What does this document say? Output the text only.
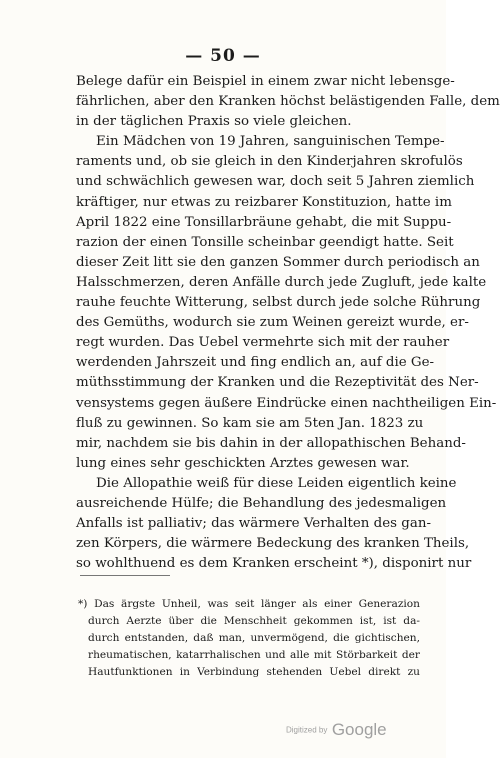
— 50 —
Belege dafür ein Beispiel in einem zwar nicht lebensge-
fährlichen, aber den Kranken höchst belästigenden Falle, dem
in der täglichen Praxis so viele gleichen.
Ein Mädchen von 19 Jahren, sanguinischen Tempe-
raments und, ob sie gleich in den Kinderjahren skrofulös
und schwächlich gewesen war, doch seit 5 Jahren ziemlich
kräftiger, nur etwas zu reizbarer Konstituzion, hatte im
April 1822 eine Tonsillarbräune gehabt, die mit Suppu-
razion der einen Tonsille scheinbar geendigt hatte. Seit
dieser Zeit litt sie den ganzen Sommer durch periodisch an
Halsschmerzen, deren Anfälle durch jede Zugluft, jede kalte
rauhe feuchte Witterung, selbst durch jede solche Rührung
des Gemüths, wodurch sie zum Weinen gereizt wurde, er-
regt wurden. Das Uebel vermehrte sich mit der rauher
werdenden Jahrszeit und fing endlich an, auf die Ge-
müthsstimmung der Kranken und die Rezeptivität des Ner-
vensystems gegen äußere Eindrücke einen nachtheiligen Ein-
fluß zu gewinnen. So kam sie am 5ten Jan. 1823 zu
mir, nachdem sie bis dahin in der allopathischen Behand-
lung eines sehr geschickten Arztes gewesen war.
Die Allopathie weiß für diese Leiden eigentlich keine
ausreichende Hülfe; die Behandlung des jedesmaligen
Anfalls ist palliativ; das wärmere Verhalten des gan-
zen Körpers, die wärmere Bedeckung des kranken Theils,
so wohlthuend es dem Kranken erscheint *), disponirt nur
*) Das ärgste Unheil, was seit länger als einer Generazion
durch Aerzte über die Menschheit gekommen ist, ist da-
durch entstanden, daß man, unvermögend, die gichtischen,
rheumatischen, katarrhalischen und alle mit Störbarkeit der
Hautfunktionen in Verbindung stehenden Uebel direkt zu
Digitized by Google
